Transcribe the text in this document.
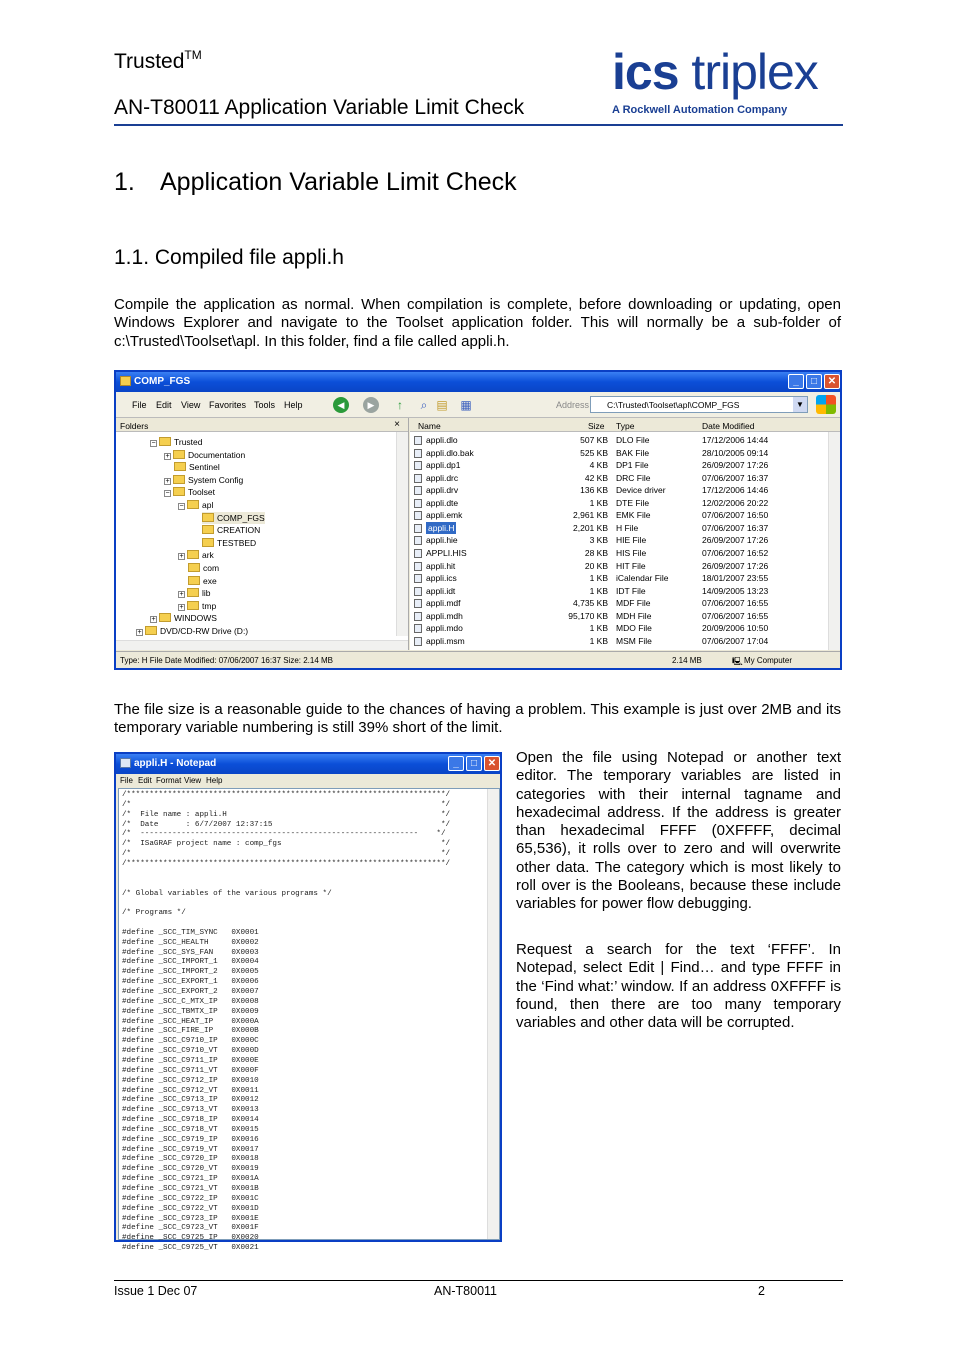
Trusted™
AN-T80011 Application Variable Limit Check
ics triplex
A Rockwell Automation Company
1. Application Variable Limit Check
1.1. Compiled file appli.h
Compile the application as normal. When compilation is complete, before downloading or updating, open Windows Explorer and navigate to the Toolset application folder. This will normally be a sub-folder of c:\Trusted\Toolset\apl. In this folder, find a file called appli.h.
COMP_FGS	_	□	✕
File Edit View Favorites Tools Help	◀	▶	↑	⌕ ▤ ▦	Address	C:\Trusted\Toolset\apl\COMP_FGS	▼
Folders	×
− Trusted
+ Documentation
Sentinel
+ System Config
− Toolset
− apl
COMP_FGS
CREATION
TESTBED
+ ark
com
exe
+ lib
+ tmp
+ WINDOWS
+ DVD/CD-RW Drive (D:)
Name	Size Type	Date Modified
appli.dlo	507 KB DLO File	17/12/2006 14:44
appli.dlo.bak	525 KB BAK File	28/10/2005 09:14
appli.dp1	4 KB DP1 File	26/09/2007 17:26
appli.drc	42 KB DRC File	07/06/2007 16:37
appli.drv	136 KB Device driver	17/12/2006 14:46
appli.dte	1 KB DTE File	12/02/2006 20:22
appli.emk	2,961 KB EMK File	07/06/2007 16:50
appli.H	2,201 KB H File	07/06/2007 16:37
appli.hie	3 KB HIE File	26/09/2007 17:26
APPLI.HIS	28 KB HIS File	07/06/2007 16:52
appli.hit	20 KB HIT File	26/09/2007 17:26
appli.ics	1 KB iCalendar File	18/01/2007 23:55
appli.idt	1 KB IDT File	14/09/2005 13:23
appli.mdf	4,735 KB MDF File	07/06/2007 16:55
appli.mdh	95,170 KB MDH File	07/06/2007 16:55
appli.mdo	1 KB MDO File	20/09/2006 10:50
appli.msm	1 KB MSM File	07/06/2007 17:04
Type: H File Date Modified: 07/06/2007 16:37 Size: 2.14 MB	2.14 MB	🖳 My Computer
The file size is a reasonable guide to the chances of having a problem. This example is just over 2MB and its temporary variable numbering is still 39% short of the limit.
appli.H - Notepad	_	□	✕
File Edit Format View Help
/**********************************************************************/
/*                                                                    */
/*  File name : appli.H                                               */
/*  Date      : 6/7/2007 12:37:15                                     */
/*  -------------------------------------------------------------    */
/*  ISaGRAF project name : comp_fgs                                   */
/*                                                                    */
/**********************************************************************/
/* Global variables of the various programs */
/* Programs */
#define _SCC_TIM_SYNC   0X0001
#define _SCC_HEALTH     0X0002
#define _SCC_SYS_FAN    0X0003
#define _SCC_IMPORT_1   0X0004
#define _SCC_IMPORT_2   0X0005
#define _SCC_EXPORT_1   0X0006
#define _SCC_EXPORT_2   0X0007
#define _SCC_C_MTX_IP   0X0008
#define _SCC_TBMTX_IP   0X0009
#define _SCC_HEAT_IP    0X000A
#define _SCC_FIRE_IP    0X000B
#define _SCC_C9710_IP   0X000C
#define _SCC_C9710_VT   0X000D
#define _SCC_C9711_IP   0X000E
#define _SCC_C9711_VT   0X000F
#define _SCC_C9712_IP   0X0010
#define _SCC_C9712_VT   0X0011
#define _SCC_C9713_IP   0X0012
#define _SCC_C9713_VT   0X0013
#define _SCC_C9718_IP   0X0014
#define _SCC_C9718_VT   0X0015
#define _SCC_C9719_IP   0X0016
#define _SCC_C9719_VT   0X0017
#define _SCC_C9720_IP   0X0018
#define _SCC_C9720_VT   0X0019
#define _SCC_C9721_IP   0X001A
#define _SCC_C9721_VT   0X001B
#define _SCC_C9722_IP   0X001C
#define _SCC_C9722_VT   0X001D
#define _SCC_C9723_IP   0X001E
#define _SCC_C9723_VT   0X001F
#define _SCC_C9725_IP   0X0020
#define _SCC_C9725_VT   0X0021
Open the file using Notepad or another text editor. The temporary variables are listed in categories with their internal tagname and hexadecimal address. If the address is greater than hexadecimal FFFF (0XFFFF, decimal 65,536), it rolls over to zero and will overwrite other data. The category which is most likely to roll over is the Booleans, because these include variables for power flow debugging.
Request a search for the text ‘FFFF’. In Notepad, select Edit | Find… and type FFFF in the ‘Find what:’ window. If an address 0XFFFF is found, then there are too many temporary variables and other data will be corrupted.
Issue 1 Dec 07	AN-T80011	2
